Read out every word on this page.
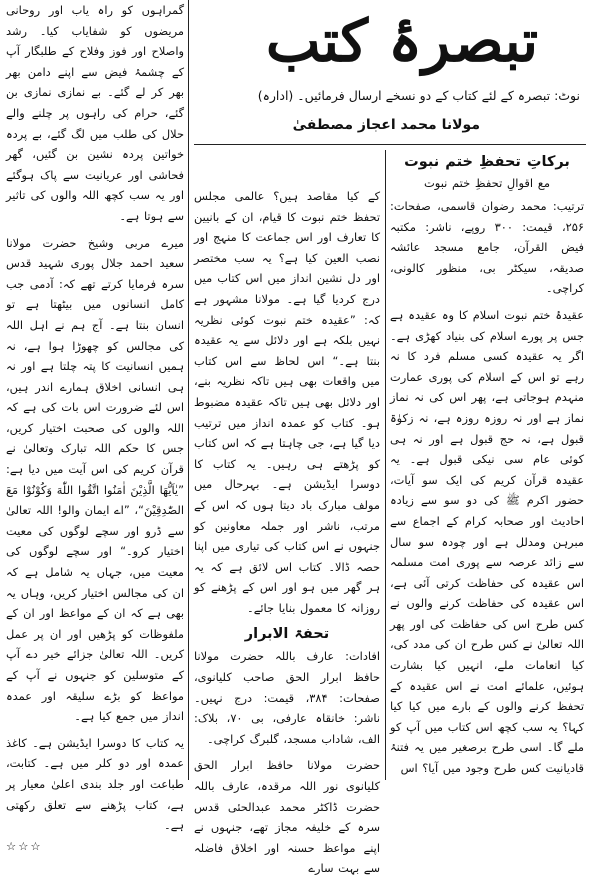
تبصرۂ کتب
نوٹ: تبصرہ کے لئے کتاب کے دو نسخے ارسال فرمائیں۔ (ادارہ)
مولانا محمد اعجاز مصطفیٰ
برکاتِ تحفظِ ختم نبوت
مع اقوالِ تحفظِ ختم نبوت

ترتیب: محمد رضوان قاسمی، صفحات: ۲۵۶، قیمت: ۳۰۰ روپے، ناشر: مکتبہ فیض القرآن، جامع مسجد عائشہ صدیقہ، سیکٹر بی، منظور کالونی، کراچی۔

عقیدۂ ختم نبوت اسلام کا وہ عقیدہ ہے جس پر پورے اسلام کی بنیاد کھڑی ہے۔ اگر یہ عقیدہ کسی مسلم فرد کا نہ رہے تو اس کے اسلام کی پوری عمارت منہدم ہوجاتی ہے، پھر اس کی نہ نماز نماز ہے اور نہ روزہ روزہ ہے، نہ زکوٰۃ قبول ہے، نہ حج قبول ہے اور نہ ہی کوئی عام سی نیکی قبول ہے۔ یہ عقیدہ قرآن کریم کی ایک سو آیات، حضور اکرم ﷺ کی دو سو سے زیادہ احادیث اور صحابہ کرام کے اجماع سے مبرہن ومدلل ہے اور چودہ سو سال سے زائد عرصہ سے پوری امت مسلمہ اس عقیدہ کی حفاظت کرتی آئی ہے، اس عقیدہ کی حفاظت کرنے والوں نے کس طرح اس کی حفاظت کی اور پھر اللہ تعالیٰ نے کس طرح ان کی مدد کی، کیا انعامات ملے، انہیں کیا بشارت ہوئیں، علمائے امت نے اس عقیدہ کے تحفظ کرنے والوں کے بارے میں کیا کیا کہا؟ یہ سب کچھ اس کتاب میں آپ کو ملے گا۔ اسی طرح برصغیر میں یہ فتنۂ قادیانیت کس طرح وجود میں آیا؟ اس

کے کیا مقاصد ہیں؟ عالمی مجلس تحفظ ختم نبوت کا قیام، ان کے بانیین کا تعارف اور اس جماعت کا منہج اور نصب العین کیا ہے؟ یہ سب مختصر اور دل نشین انداز میں اس کتاب میں درج کردیا گیا ہے۔ مولانا مشہور ہے کہ: ”عقیدہ ختم نبوت کوئی نظریہ نہیں بلکہ ہے اور دلائل سے یہ عقیدہ بنتا ہے۔“ اس لحاظ سے اس کتاب میں واقعات بھی ہیں تاکہ نظریہ بنے، اور دلائل بھی ہیں تاکہ عقیدہ مضبوط ہو۔ کتاب کو عمدہ انداز میں ترتیب دیا گیا ہے، جی چاہتا ہے کہ اس کتاب کو پڑھتے ہی رہیں۔ یہ کتاب کا دوسرا ایڈیشن ہے۔ بہرحال میں مولف مبارک باد دیتا ہوں کہ اس کے مرتب، ناشر اور جملہ معاونین کو جنہوں نے اس کتاب کی تیاری میں اپنا حصہ ڈالا۔ کتاب اس لائق ہے کہ یہ ہر گھر میں ہو اور اس کے پڑھنے کو روزانہ کا معمول بنایا جائے۔

تحفۃ الابرار

افادات: عارف باللہ حضرت مولانا حافظ ابرار الحق صاحب کلیانوی، صفحات: ۳۸۴، قیمت: درج نہیں۔ ناشر: خانقاہ عارفی، بی ۷۰، بلاک: الف، شاداب مسجد، گلبرگ کراچی۔

حضرت مولانا حافظ ابرار الحق کلیانوی نور اللہ مرقدہ، عارف باللہ حضرت ڈاکٹر محمد عبدالحئی قدس سرہ کے خلیفہ مجاز تھے، جنہوں نے اپنے مواعظ حسنہ اور اخلاق فاضلہ سے بہت سارے

گمراہوں کو راہ یاب اور روحانی مریضوں کو شفایاب کیا۔ رشد واصلاح اور فوز وفلاح کے طلبگار آپ کے چشمۂ فیض سے اپنے دامن بھر بھر کر لے گئے۔ بے نمازی نمازی بن گئے، حرام کی راہوں پر چلنے والے حلال کی طلب میں لگ گئے، بے پردہ خواتین پردہ نشین بن گئیں، گھر فحاشی اور عریانیت سے پاک ہوگئے اور یہ سب کچھ اللہ والوں کی تاثیر سے ہوتا ہے۔

میرے مربی وشیخ حضرت مولانا سعید احمد جلال پوری شہید قدس سرہ فرمایا کرتے تھے کہ: آدمی جب کامل انسانوں میں بیٹھتا ہے تو انسان بنتا ہے۔ آج ہم نے اہل اللہ کی مجالس کو چھوڑا ہوا ہے، نہ ہمیں انسانیت کا پتہ چلتا ہے اور نہ ہی انسانی اخلاق ہمارے اندر ہیں، اس لئے ضرورت اس بات کی ہے کہ اللہ والوں کی صحبت اختیار کریں، جس کا حکم اللہ تبارک وتعالیٰ نے قرآن کریم کی اس آیت میں دیا ہے: ”یٰاَیُّهَا الَّذِیْنَ اٰمَنُوا اتَّقُوا اللّٰهَ وَکُوْنُوْا مَعَ الصّٰدِقِیْنَ“، ”اے ایمان والو! اللہ تعالیٰ سے ڈرو اور سچے لوگوں کی معیت اختیار کرو۔“ اور سچے لوگوں کی معیت میں، جہاں یہ شامل ہے کہ ان کی مجالس اختیار کریں، وہاں یہ بھی ہے کہ ان کے مواعظ اور ان کے ملفوظات کو پڑھیں اور ان پر عمل کریں۔ اللہ تعالیٰ جزائے خیر دے آپ کے متوسلین کو جنہوں نے آپ کے مواعظ کو بڑے سلیقہ اور عمدہ انداز میں جمع کیا ہے۔

یہ کتاب کا دوسرا ایڈیشن ہے۔ کاغذ عمدہ اور دو کلر میں ہے۔ کتابت، طباعت اور جلد بندی اعلیٰ معیار پر ہے، کتاب پڑھنے سے تعلق رکھتی ہے۔

☆☆☆
